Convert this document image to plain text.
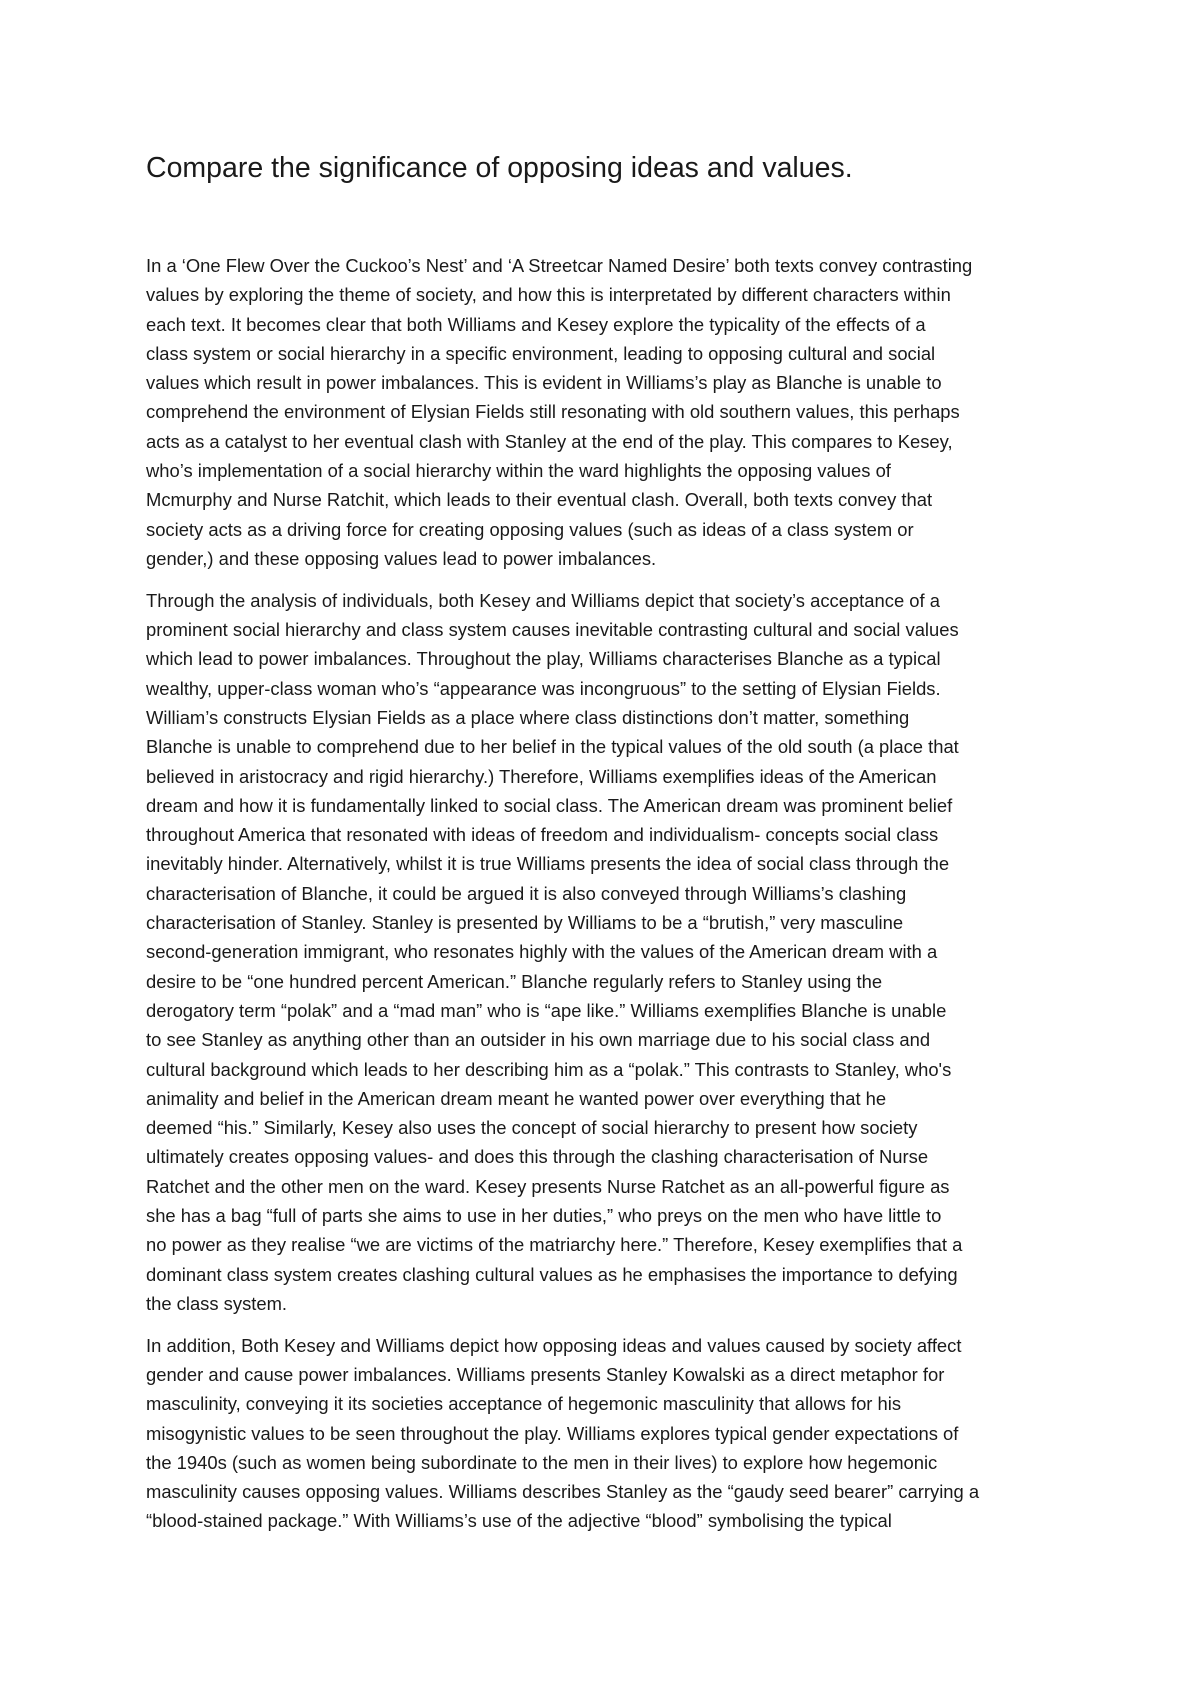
Compare the significance of opposing ideas and values.

In a ‘One Flew Over the Cuckoo’s Nest’ and ‘A Streetcar Named Desire’ both texts convey contrasting
values by exploring the theme of society, and how this is interpretated by different characters within
each text. It becomes clear that both Williams and Kesey explore the typicality of the effects of a
class system or social hierarchy in a specific environment, leading to opposing cultural and social
values which result in power imbalances. This is evident in Williams’s play as Blanche is unable to
comprehend the environment of Elysian Fields still resonating with old southern values, this perhaps
acts as a catalyst to her eventual clash with Stanley at the end of the play. This compares to Kesey,
who’s implementation of a social hierarchy within the ward highlights the opposing values of
Mcmurphy and Nurse Ratchit, which leads to their eventual clash. Overall, both texts convey that
society acts as a driving force for creating opposing values (such as ideas of a class system or
gender,) and these opposing values lead to power imbalances.

Through the analysis of individuals, both Kesey and Williams depict that society’s acceptance of a
prominent social hierarchy and class system causes inevitable contrasting cultural and social values
which lead to power imbalances. Throughout the play, Williams characterises Blanche as a typical
wealthy, upper-class woman who’s “appearance was incongruous” to the setting of Elysian Fields.
William’s constructs Elysian Fields as a place where class distinctions don’t matter, something
Blanche is unable to comprehend due to her belief in the typical values of the old south (a place that
believed in aristocracy and rigid hierarchy.) Therefore, Williams exemplifies ideas of the American
dream and how it is fundamentally linked to social class. The American dream was prominent belief
throughout America that resonated with ideas of freedom and individualism- concepts social class
inevitably hinder. Alternatively, whilst it is true Williams presents the idea of social class through the
characterisation of Blanche, it could be argued it is also conveyed through Williams’s clashing
characterisation of Stanley. Stanley is presented by Williams to be a “brutish,” very masculine
second-generation immigrant, who resonates highly with the values of the American dream with a
desire to be “one hundred percent American.” Blanche regularly refers to Stanley using the
derogatory term “polak” and a “mad man” who is “ape like.” Williams exemplifies Blanche is unable
to see Stanley as anything other than an outsider in his own marriage due to his social class and
cultural background which leads to her describing him as a “polak.” This contrasts to Stanley, who's
animality and belief in the American dream meant he wanted power over everything that he
deemed “his.” Similarly, Kesey also uses the concept of social hierarchy to present how society
ultimately creates opposing values- and does this through the clashing characterisation of Nurse
Ratchet and the other men on the ward. Kesey presents Nurse Ratchet as an all-powerful figure as
she has a bag “full of parts she aims to use in her duties,” who preys on the men who have little to
no power as they realise “we are victims of the matriarchy here.” Therefore, Kesey exemplifies that a
dominant class system creates clashing cultural values as he emphasises the importance to defying
the class system.

In addition, Both Kesey and Williams depict how opposing ideas and values caused by society affect
gender and cause power imbalances. Williams presents Stanley Kowalski as a direct metaphor for
masculinity, conveying it its societies acceptance of hegemonic masculinity that allows for his
misogynistic values to be seen throughout the play. Williams explores typical gender expectations of
the 1940s (such as women being subordinate to the men in their lives) to explore how hegemonic
masculinity causes opposing values. Williams describes Stanley as the “gaudy seed bearer” carrying a
“blood-stained package.” With Williams’s use of the adjective “blood” symbolising the typical
